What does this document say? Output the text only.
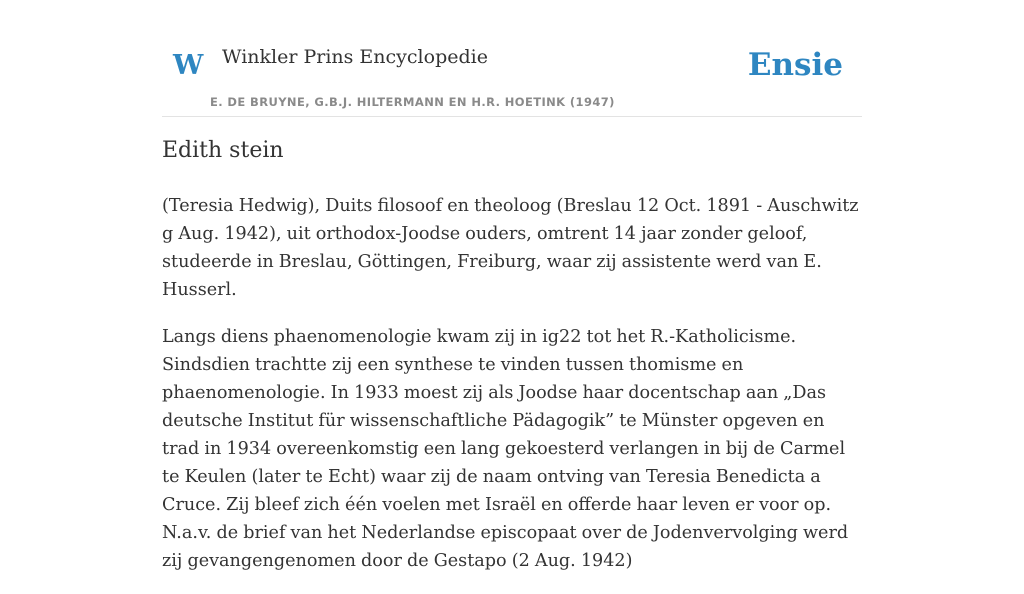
W Winkler Prins Encyclopedie
E. DE BRUYNE, G.B.J. HILTERMANN EN H.R. HOETINK (1947)
Ensie
Edith stein

(Teresia Hedwig), Duits filosoof en theoloog (Breslau 12 Oct. 1891 - Auschwitz g Aug. 1942), uit orthodox-Joodse ouders, omtrent 14 jaar zonder geloof, studeerde in Breslau, Göttingen, Freiburg, waar zij assistente werd van E. Husserl.

Langs diens phaenomenologie kwam zij in ig22 tot het R.-Katholicisme. Sindsdien trachtte zij een synthese te vinden tussen thomisme en phaenomenologie. In 1933 moest zij als Joodse haar docentschap aan „Das deutsche Institut für wissenschaftliche Pädagogik” te Münster opgeven en trad in 1934 overeenkomstig een lang gekoesterd verlangen in bij de Carmel te Keulen (later te Echt) waar zij de naam ontving van Teresia Benedicta a Cruce. Zij bleef zich één voelen met Israël en offerde haar leven er voor op. N.a.v. de brief van het Nederlandse episcopaat over de Jodenvervolging werd zij gevangengenomen door de Gestapo (2 Aug. 1942)
